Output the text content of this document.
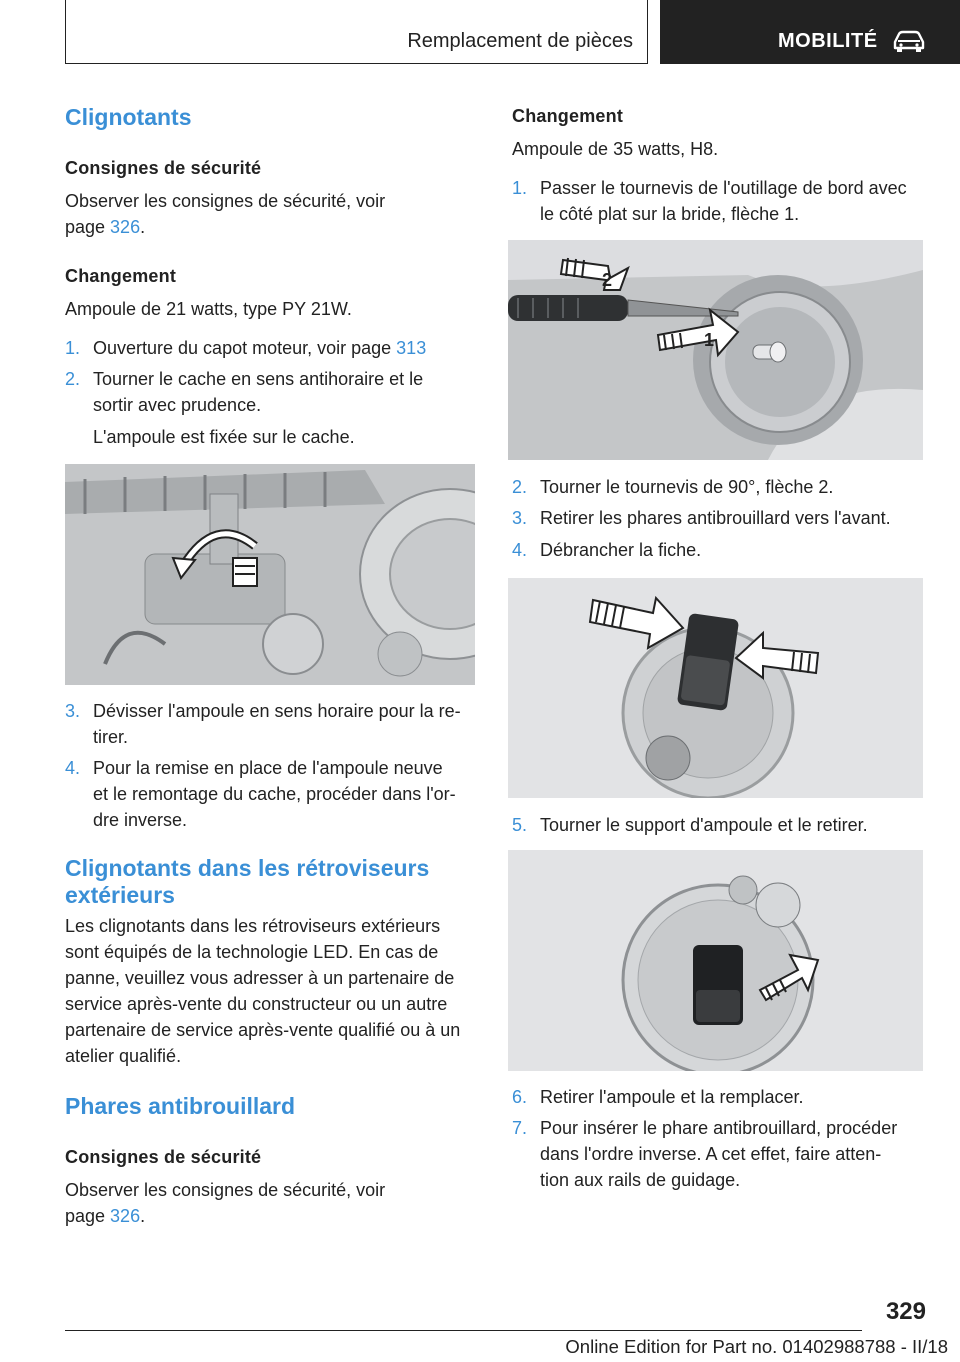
Remplacement de pièces	MOBILITÉ
Clignotants
Consignes de sécurité

Observer les consignes de sécurité, voir
page 326.

Changement

Ampoule de 21 watts, type PY 21W.

1. Ouverture du capot moteur, voir page 313
2. Tourner le cache en sens antihoraire et le
sortir avec prudence.
L'ampoule est fixée sur le cache.
3. Dévisser l'ampoule en sens horaire pour la re-
tirer.
4. Pour la remise en place de l'ampoule neuve
et le remontage du cache, procéder dans l'or-
dre inverse.
Clignotants dans les rétroviseurs
extérieurs

Les clignotants dans les rétroviseurs extérieurs
sont équipés de la technologie LED. En cas de
panne, veuillez vous adresser à un partenaire de
service après-vente du constructeur ou un autre
partenaire de service après-vente qualifié ou à un
atelier qualifié.

Phares antibrouillard
Consignes de sécurité

Observer les consignes de sécurité, voir
page 326.

Changement

Ampoule de 35 watts, H8.

1. Passer le tournevis de l'outillage de bord avec
le côté plat sur la bride, flèche 1.
2
1
2. Tourner le tournevis de 90°, flèche 2.
3. Retirer les phares antibrouillard vers l'avant.
4. Débrancher la fiche.
5. Tourner le support d'ampoule et le retirer.
6. Retirer l'ampoule et la remplacer.
7. Pour insérer le phare antibrouillard, procéder
dans l'ordre inverse. A cet effet, faire atten-
tion aux rails de guidage.
329
Online Edition for Part no. 01402988788 - II/18
